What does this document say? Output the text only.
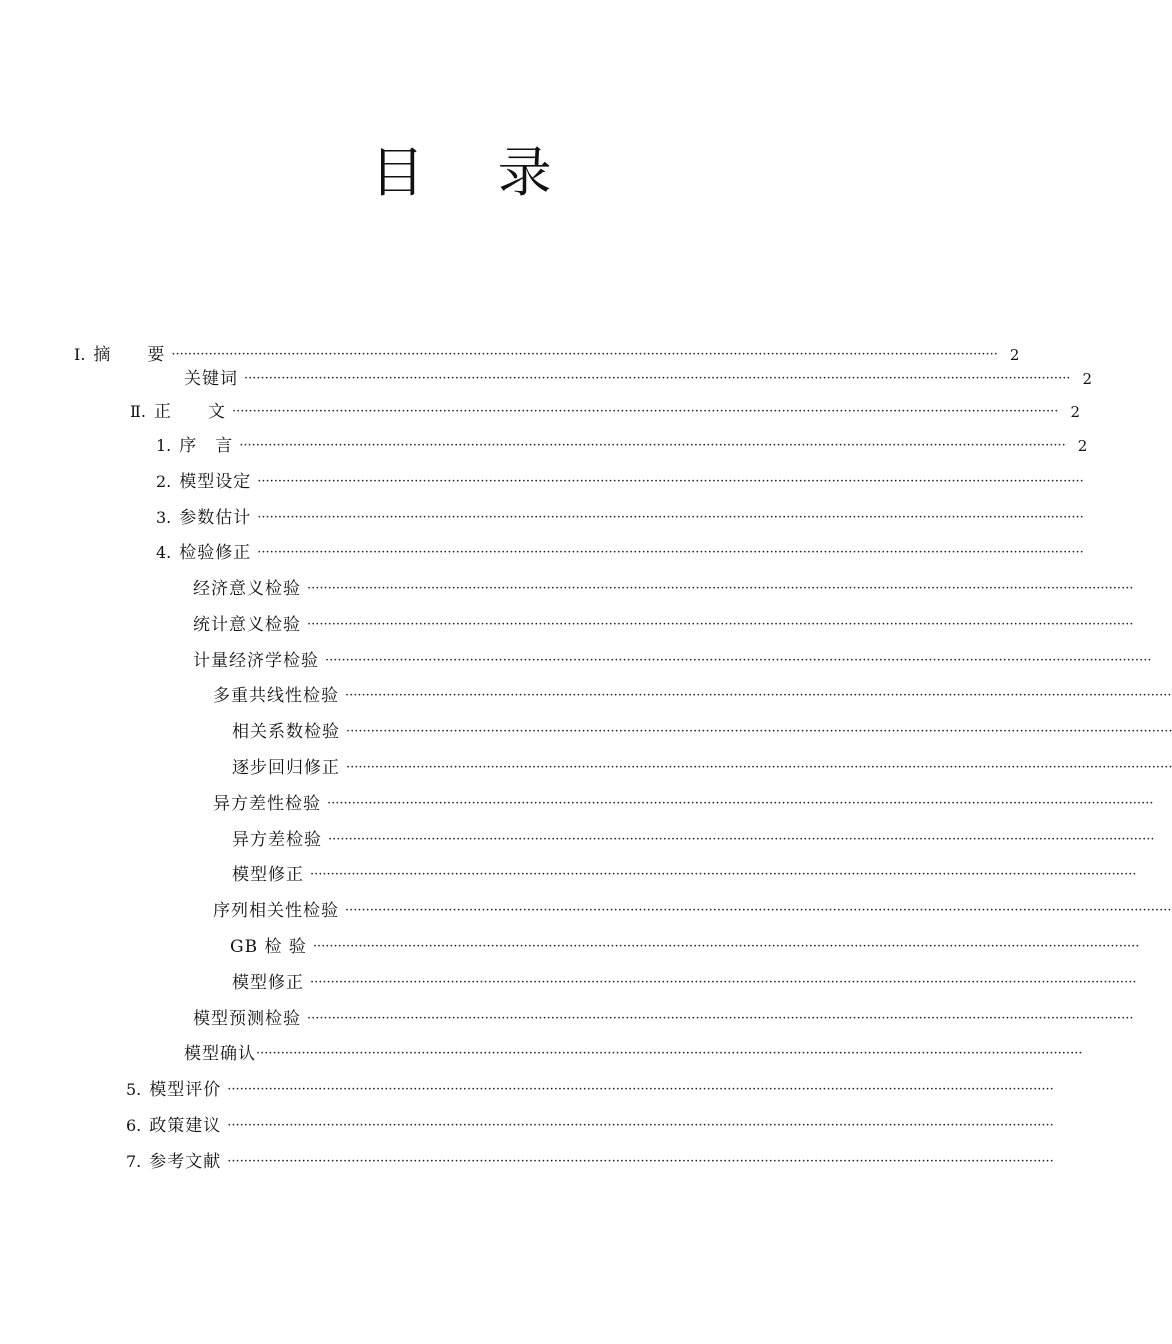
目 录
Ⅰ. 摘　　要 ········································································································································································································ 2
关键词 ········································································································································································································ 2
Ⅱ. 正　　文 ········································································································································································································ 2
1. 序　言 ········································································································································································································ 2
2. 模型设定 ········································································································································································································
3. 参数估计 ········································································································································································································
4. 检验修正 ········································································································································································································
经济意义检验 ········································································································································································································
统计意义检验 ········································································································································································································
计量经济学检验 ········································································································································································································
多重共线性检验 ········································································································································································································
相关系数检验 ········································································································································································································
逐步回归修正 ········································································································································································································
异方差性检验 ········································································································································································································
异方差检验 ········································································································································································································
模型修正 ········································································································································································································
序列相关性检验 ········································································································································································································
GB 检 验 ········································································································································································································
模型修正 ········································································································································································································
模型预测检验 ········································································································································································································
模型确认 ········································································································································································································
5. 模型评价 ········································································································································································································
6. 政策建议 ········································································································································································································
7. 参考文献 ········································································································································································································
